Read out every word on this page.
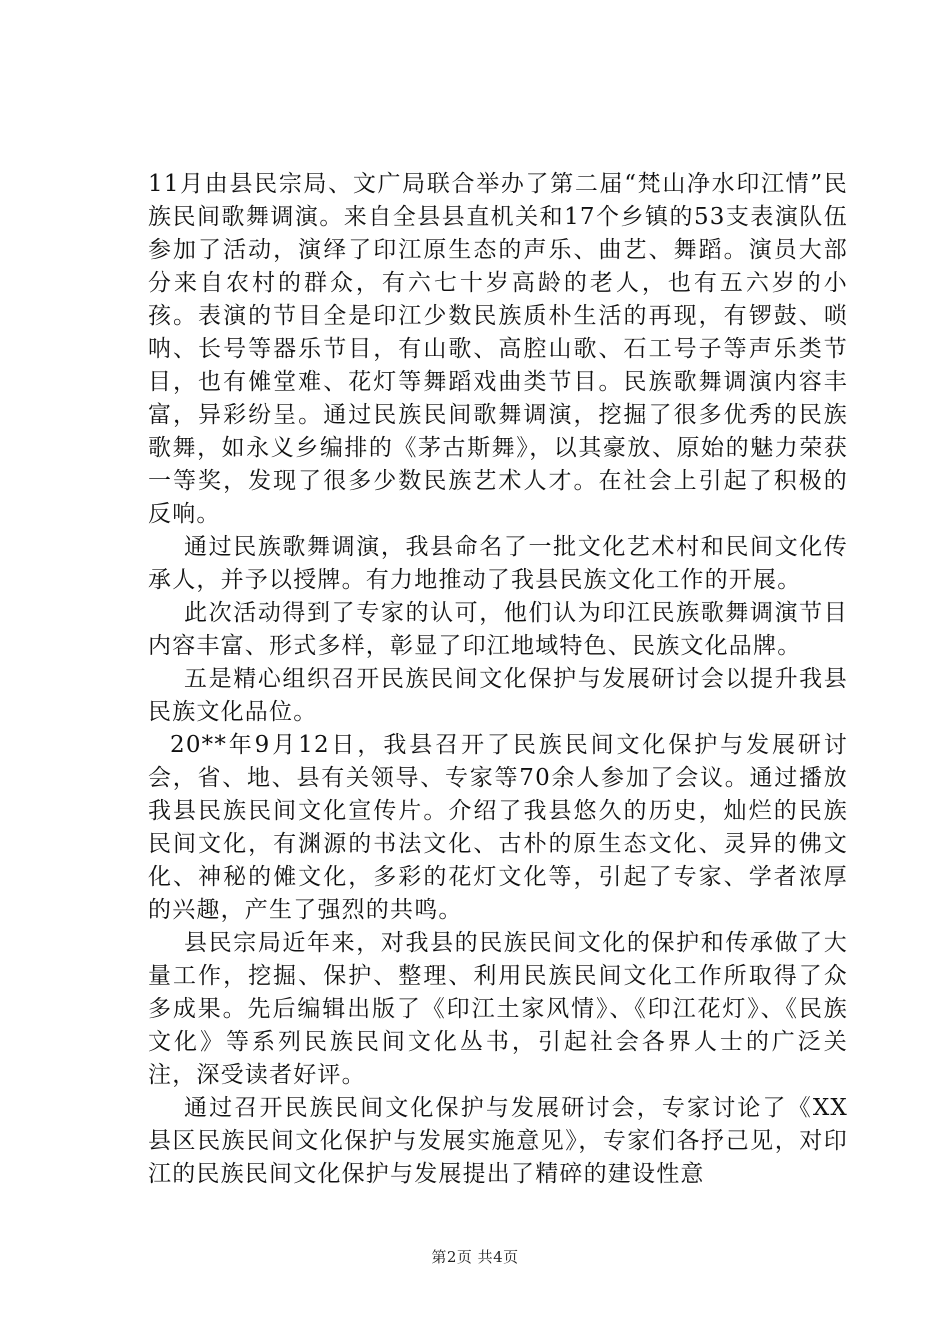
11月由县民宗局、文广局联合举办了第二届“梵山净水印江情”民族民间歌舞调演。来自全县县直机关和17个乡镇的53支表演队伍参加了活动，演绎了印江原生态的声乐、曲艺、舞蹈。演员大部分来自农村的群众，有六七十岁高龄的老人，也有五六岁的小孩。表演的节目全是印江少数民族质朴生活的再现，有锣鼓、唢呐、长号等器乐节目，有山歌、高腔山歌、石工号子等声乐类节目，也有傩堂难、花灯等舞蹈戏曲类节目。民族歌舞调演内容丰富，异彩纷呈。通过民族民间歌舞调演，挖掘了很多优秀的民族歌舞，如永义乡编排的《茅古斯舞》，以其豪放、原始的魅力荣获一等奖，发现了很多少数民族艺术人才。在社会上引起了积极的反响。

通过民族歌舞调演，我县命名了一批文化艺术村和民间文化传承人，并予以授牌。有力地推动了我县民族文化工作的开展。

此次活动得到了专家的认可，他们认为印江民族歌舞调演节目内容丰富、形式多样，彰显了印江地域特色、民族文化品牌。

五是精心组织召开民族民间文化保护与发展研讨会以提升我县民族文化品位。

20**年9月12日，我县召开了民族民间文化保护与发展研讨会，省、地、县有关领导、专家等70余人参加了会议。通过播放我县民族民间文化宣传片。介绍了我县悠久的历史，灿烂的民族民间文化，有渊源的书法文化、古朴的原生态文化、灵异的佛文化、神秘的傩文化，多彩的花灯文化等，引起了专家、学者浓厚的兴趣，产生了强烈的共鸣。

县民宗局近年来，对我县的民族民间文化的保护和传承做了大量工作，挖掘、保护、整理、利用民族民间文化工作所取得了众多成果。先后编辑出版了《印江土家风情》、《印江花灯》、《民族文化》等系列民族民间文化丛书，引起社会各界人士的广泛关注，深受读者好评。

通过召开民族民间文化保护与发展研讨会，专家讨论了《XX县区民族民间文化保护与发展实施意见》，专家们各抒己见，对印江的民族民间文化保护与发展提出了精碎的建设性意

第2页 共4页
